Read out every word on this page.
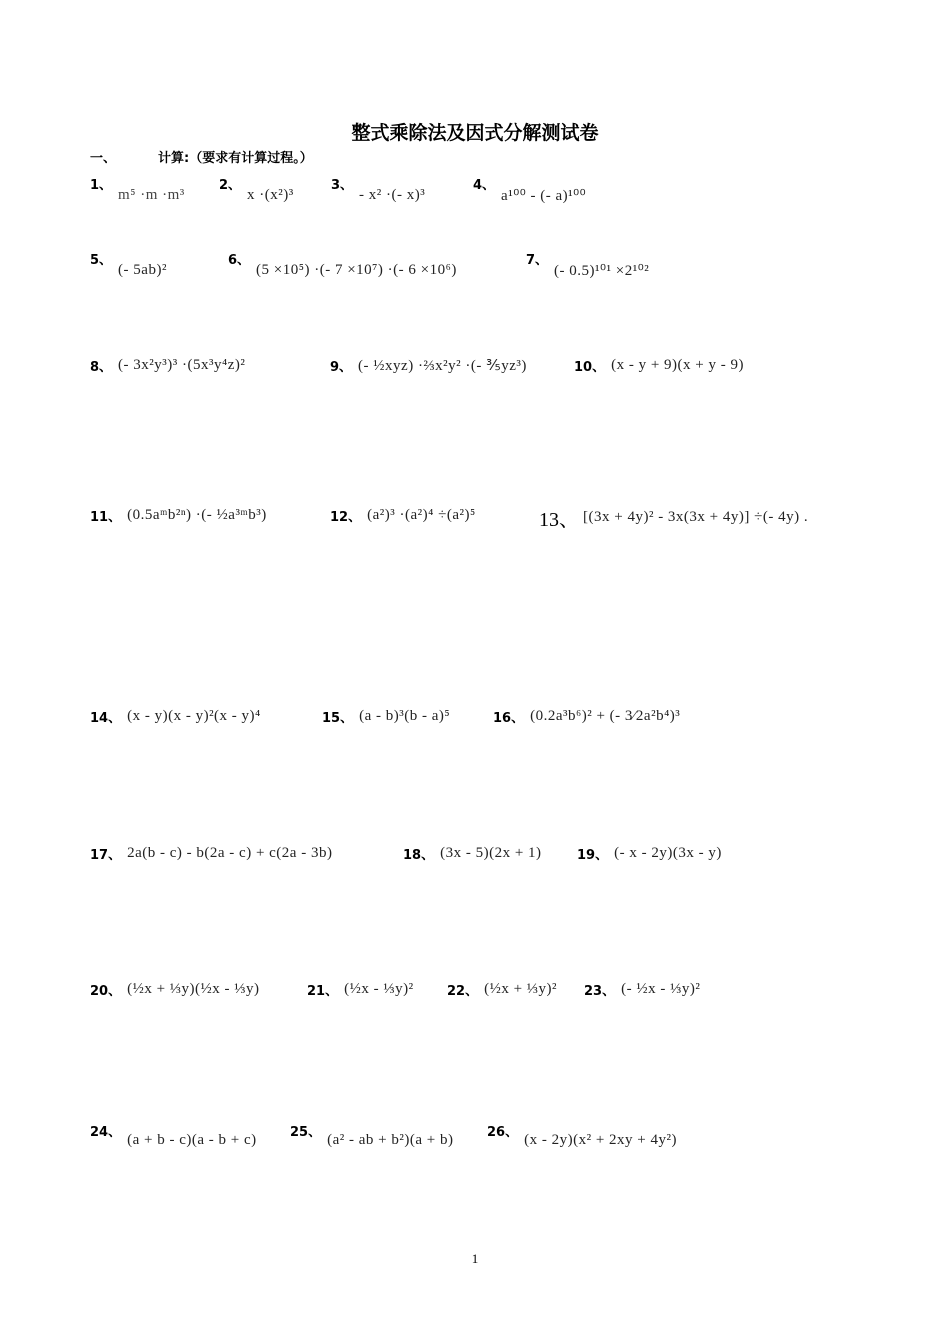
整式乘除法及因式分解测试卷
一、	计算:（要求有计算过程。）
1、
m⁵ ·m ·m³
2、
x ·(x²)³
3、
- x² ·(- x)³
4、
a¹⁰⁰ - (- a)¹⁰⁰
5、
(- 5ab)²
6、
(5 ×10⁵) ·(- 7 ×10⁷) ·(- 6 ×10⁶)
7、
(- 0.5)¹⁰¹ ×2¹⁰²
8、 (- 3x²y³)³ ·(5x³y⁴z)²	9、 (- ½xyz) ·⅔x²y² ·(- ⅗yz³)	10、 (x - y + 9)(x + y - 9)
11、 (0.5aᵐb²ⁿ) ·(- ½a³ᵐb³)	12、 (a²)³ ·(a²)⁴ ÷(a²)⁵	13、 [(3x + 4y)² - 3x(3x + 4y)] ÷(- 4y) .
14、 (x - y)(x - y)²(x - y)⁴	15、 (a - b)³(b - a)⁵	16、 (0.2a³b⁶)² + (- 3⁄2a²b⁴)³
17、 2a(b - c) - b(2a - c) + c(2a - 3b)	18、 (3x - 5)(2x + 1)	19、 (- x - 2y)(3x - y)
20、 (½x + ⅓y)(½x - ⅓y)	21、 (½x - ⅓y)²	22、 (½x + ⅓y)² 23、 (- ½x - ⅓y)²
24、 (a + b - c)(a - b + c)	25、 (a² - ab + b²)(a + b)	26、 (x - 2y)(x² + 2xy + 4y²)
1
